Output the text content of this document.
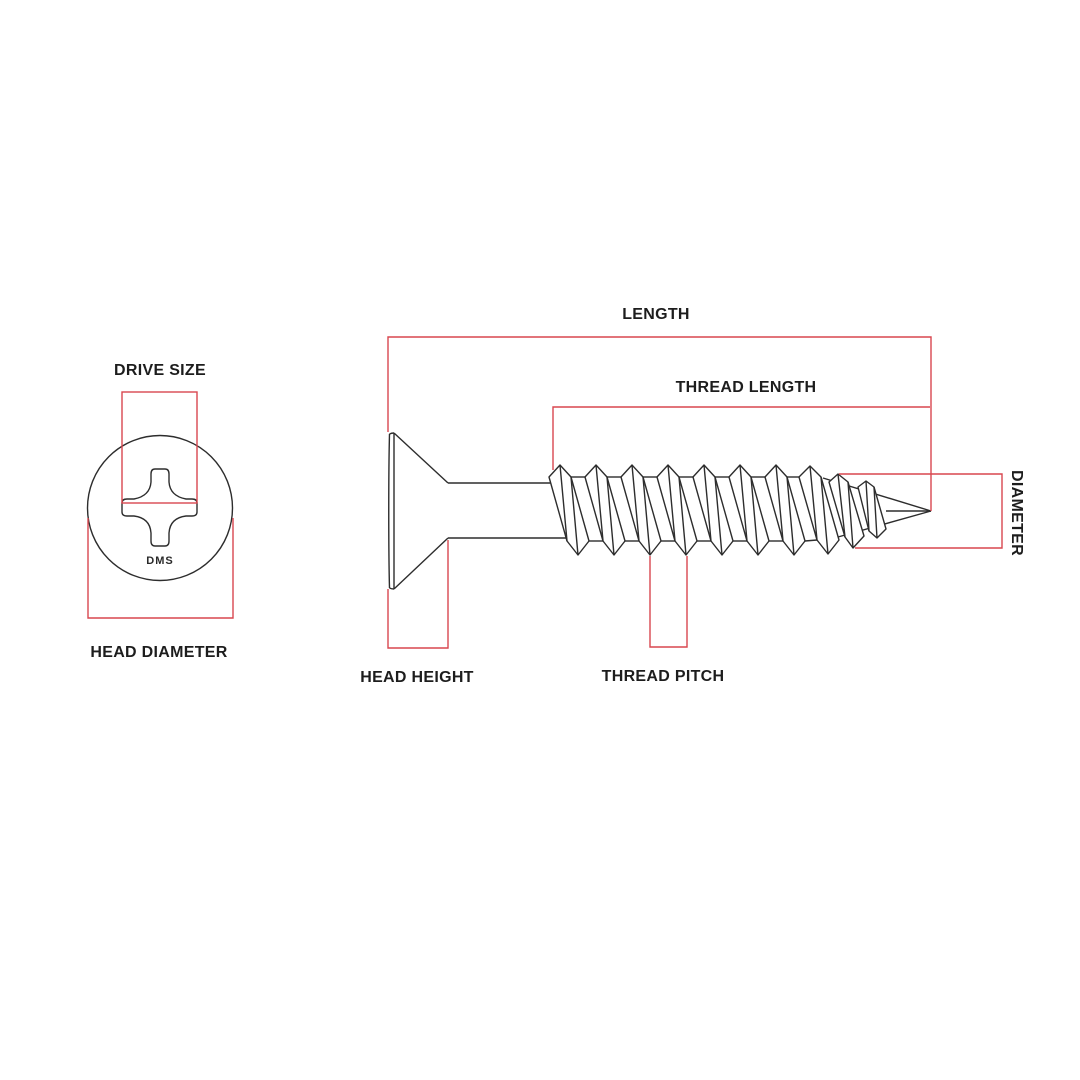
DRIVE SIZE
HEAD DIAMETER
DMS
LENGTH
THREAD LENGTH
DIAMETER
HEAD HEIGHT	THREAD PITCH
